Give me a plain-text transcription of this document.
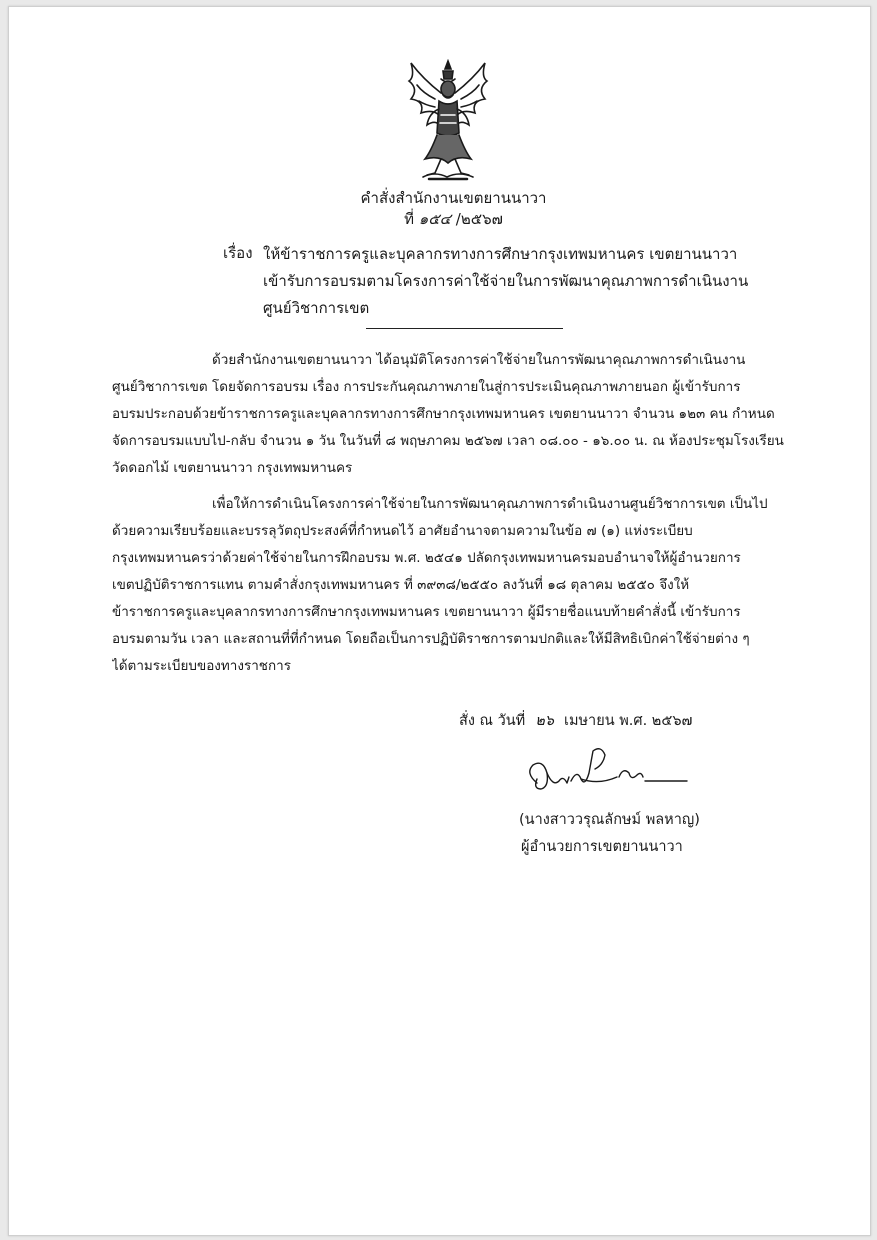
คำสั่งสำนักงานเขตยานนาวา
ที่ ๑๕๔ /๒๕๖๗
เรื่อง ให้ข้าราชการครูและบุคลากรทางการศึกษากรุงเทพมหานคร เขตยานนาวา
เข้ารับการอบรมตามโครงการค่าใช้จ่ายในการพัฒนาคุณภาพการดำเนินงาน
ศูนย์วิชาการเขต
ด้วยสำนักงานเขตยานนาวา ได้อนุมัติโครงการค่าใช้จ่ายในการพัฒนาคุณภาพการดำเนินงาน
ศูนย์วิชาการเขต โดยจัดการอบรม เรื่อง การประกันคุณภาพภายในสู่การประเมินคุณภาพภายนอก ผู้เข้ารับการ
อบรมประกอบด้วยข้าราชการครูและบุคลากรทางการศึกษากรุงเทพมหานคร เขตยานนาวา จำนวน ๑๒๓ คน กำหนด
จัดการอบรมแบบไป-กลับ จำนวน ๑ วัน ในวันที่ ๘ พฤษภาคม ๒๕๖๗ เวลา ๐๘.๐๐ - ๑๖.๐๐ น. ณ ห้องประชุมโรงเรียน
วัดดอกไม้ เขตยานนาวา กรุงเทพมหานคร
เพื่อให้การดำเนินโครงการค่าใช้จ่ายในการพัฒนาคุณภาพการดำเนินงานศูนย์วิชาการเขต เป็นไป
ด้วยความเรียบร้อยและบรรลุวัตถุประสงค์ที่กำหนดไว้ อาศัยอำนาจตามความในข้อ ๗ (๑) แห่งระเบียบ
กรุงเทพมหานครว่าด้วยค่าใช้จ่ายในการฝึกอบรม พ.ศ. ๒๕๔๑ ปลัดกรุงเทพมหานครมอบอำนาจให้ผู้อำนวยการ
เขตปฏิบัติราชการแทน ตามคำสั่งกรุงเทพมหานคร ที่ ๓๙๓๘/๒๕๕๐ ลงวันที่ ๑๘ ตุลาคม ๒๕๕๐ จึงให้
ข้าราชการครูและบุคลากรทางการศึกษากรุงเทพมหานคร เขตยานนาวา ผู้มีรายชื่อแนบท้ายคำสั่งนี้ เข้ารับการ
อบรมตามวัน เวลา และสถานที่ที่กำหนด โดยถือเป็นการปฏิบัติราชการตามปกติและให้มีสิทธิเบิกค่าใช้จ่ายต่าง ๆ
ได้ตามระเบียบของทางราชการ
สั่ง ณ วันที่ ๒๖ เมษายน พ.ศ. ๒๕๖๗
(นางสาววรุณลักษม์ พลหาญ)
ผู้อำนวยการเขตยานนาวา
